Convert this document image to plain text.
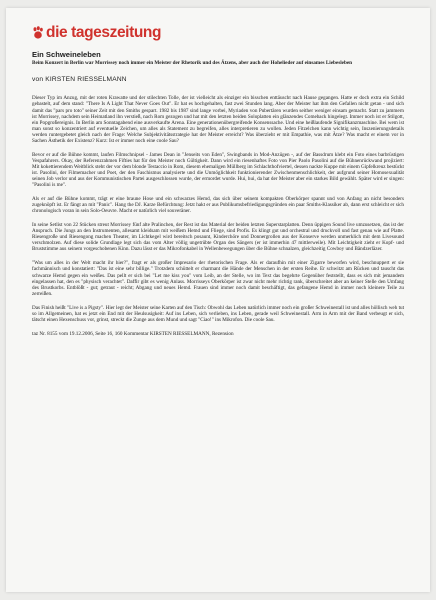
die tageszeitung
Ein Schweineleben
Beim Konzert in Berlin war Morrissey noch immer ein Meister der Rhetorik und des Ätzens, aber auch der Hohelieder auf einsames Liebesleben
von KIRSTEN RIESSELMANN

Dieser Typ im Anzug, mit der roten Krawatte und der stilechten Tolle, der ist vielleicht als einziger ein bisschen enttäuscht nach Hause gegangen. Hatte er doch extra ein Schild gebastelt, auf dem stand: "There Is A Light That Never Goes Out". Er hat es hochgehalten, fast zwei Stunden lang. Aber der Meister hat ihm den Gefallen nicht getan - und sich damit das "pars pro toto" seiner Zeit mit den Smiths gespart. 1982 bis 1987 sind lange vorbei, Myriaden von Pubertären wurden seither weniger einsam gemacht. Statt zu jammern ist Morrissey, nachdem sein Heimatland ihn verstieß, nach Rom gezogen und hat mit den letzten beiden Soloplatten ein glänzendes Comeback hingelegt. Immer noch ist er Stilgott, ein Popgroßereignis. In Berlin am Sonntagabend eine ausverkaufte Arena. Eine generationenübergreifende Konsenssache. Und eine heißlaufende Signifikanzmaschine. Bei wem ist man sonst so konzentriert auf eventuelle Zeichen, um alles als Statement zu begreifen, alles interpretieren zu wollen. Jeden Fitzelchen kann wichtig sein, Inszenierungsdetails werden runtergebetet gleich nach der Frage: Welche Subjektivitätsstrategie hat der Meister erreicht? Was überzieht er mit Empathie, was mit Ätze? Was macht er einem vor in Sachen Ästhetik der Existenz? Kurz: Ist er immer noch eine coole Sau?

Bevor er auf die Bühne kommt, laufen Filmschnipsel - James Dean in "Jenseits von Eden", Swingbands in Mod-Anzügen -, auf der Bassdrum klebt ein Foto eines barbrüstigen Vespafahrers. Okay, der Referenzrahmen Fifties hat für den Meister noch Gültigkeit. Dann wird ein riesenhaftes Foto von Pier Paolo Pasolini auf die Bühnenrückwand projiziert: Mit kokettierendem Weitblick steht der vor dem blonde Testaccio in Rom, diesem ehemaligen Müllberg im Schlachthofviertel, dessen nackte Kuppe mit einem Gipfelkreuz bestückt ist. Pasolini, der Filmemacher und Poet, der den Faschismus analysierte und die Unmöglichkeit funktionierender Zwischenmenschlichkeit, der aufgrund seiner Homosexualität seinen Job verlor und aus der Kommunistischen Partei ausgeschlossen wurde, der ermordet wurde. Hui, hui, da hat der Meister aber ein starkes Bild gewählt. Später wird er singen: "Pasolini is me".

Als er auf die Bühne kommt, trägt er eine braune Hose und ein schwarzes Hemd, das sich über seinem kompakten Oberkörper spannt und von Anfang an nicht besonders zugeknöpft ist. Er fängt an mit "Panic". Hang the DJ. Karze Befürchtung: Jetzt hakt er aus Publikumsbefriedigungsgründen ein paar Smiths-Klassiker ab, dann erst schleicht er sich chronologisch voran in sein Solo-Oeuvre. Macht er natürlich viel souveräner.

In seine Setlist von 22 Stücken streut Morrissey fünf alte Pralinchen, der Rest ist das Material der beiden letzten Superstarplatten. Denn üppigen Sound live umzusetzen, das ist der Anspruch. Die Jungs an den Instrumenten, allesamt kleidsam mit weißem Hemd und Fliege, sind Profis. Es klingt gut und orchestral und druckvoll und fast genau wie auf Platte. Riesengroße und Riesengong machen Theater, im Lichtkegel wird bereitsch posaunt, Kinderchöre und Donnergrollen aus der Konserve werden unmerklich mit dem Livesound verschmolzen. Auf diese solide Grundlage legt sich das vom Alter völlig ungetrübte Organ des Sängers (er ist immerhin 47 mittlerweile). Mit Leichtigkeit zieht er Kopf- und Bruststimme aus seinem vorgeschobenen Kinn. Dazu lässt er das Mikrofonkabel in Wellenbewegungen über die Bühne schnalzen, gleichzeitig Cowboy und Bändzerläzer.

"Was um alles in der Welt macht ihr hier?", fragt er als großer Impresario der rhetorischen Frage. Als er daraufhin mit einer Zigarre beworfen wird, beschnuppert er sie fachmännisch und konstatiert: "Das ist eine sehr billige." Trotzdem schüttelt er charmant die Hände der Menschen in der ersten Reihe. Er schwitzt am Rücken und tauscht das schwarze Hemd gegen ein weißes. Das pellt er sich bei "Let me kiss you" vom Leib, an der Stelle, wo im Text das begehrte Gegenüber feststellt, dass es sich mit jemandem eingelassen hat, den es "physisch verachtet". Daffir gibt es wenig Anlass. Morrisseys Oberkörper ist zwar nicht mehr richtig rank, überschreitet aber an keiner Stelle den Umfang des Brustkorbs. Entblößt - gut; getraut - reicht; Abgang und neues Hemd. Frauen sind immer noch damit beschäftigt, das gefangene Hemd in immer noch kleinere Teile zu zerreißen.

Das Finish heißt "Live is a Pigsty". Hier legt der Meister seine Karten auf den Tisch: Obwohl das Leben natürlich immer noch ein großer Schweinestall ist und alles höllisch weh tut so im Allgemeinen, hat es jetzt ein End mit der Heulsusigkeit: Auf ins Leben, sich verlieben, ins Leben, gerade weil Schweinestall. Arm in Arm mit der Band verbeugt er sich, tätscht einen Hexenschuss vor, grinst, streckt die Zunge aus dem Mund und sagt "Ciao!" ins Mikrofon. Die coole Sau.

taz Nr. 8155 vom 19.12.2006, Seite 16, 160 Kommentar KIRSTEN RIESSELMANN, Rezension
